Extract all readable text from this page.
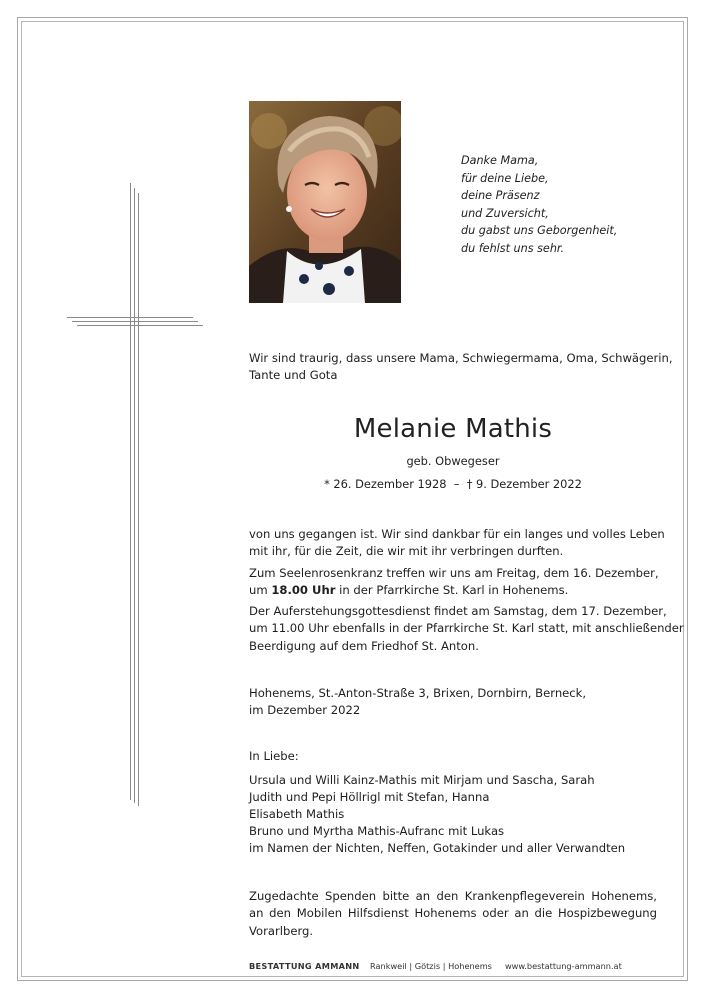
Danke Mama,
für deine Liebe,
deine Präsenz
und Zuversicht,
du gabst uns Geborgenheit,
du fehlst uns sehr.
Wir sind traurig, dass unsere Mama, Schwiegermama, Oma, Schwägerin,
Tante und Gota
Melanie Mathis
geb. Obwegeser
* 26. Dezember 1928  –  † 9. Dezember 2022
von uns gegangen ist. Wir sind dankbar für ein langes und volles Leben
mit ihr, für die Zeit, die wir mit ihr verbringen durften.
Zum Seelenrosenkranz treffen wir uns am Freitag, dem 16. Dezember,
um 18.00 Uhr in der Pfarrkirche St. Karl in Hohenems.
Der Auferstehungsgottesdienst findet am Samstag, dem 17. Dezember,
um 11.00 Uhr ebenfalls in der Pfarrkirche St. Karl statt, mit anschließender
Beerdigung auf dem Friedhof St. Anton.
Hohenems, St.-Anton-Straße 3, Brixen, Dornbirn, Berneck,
im Dezember 2022
In Liebe:
Ursula und Willi Kainz-Mathis mit Mirjam und Sascha, Sarah
Judith und Pepi Höllrigl mit Stefan, Hanna
Elisabeth Mathis
Bruno und Myrtha Mathis-Aufranc mit Lukas
im Namen der Nichten, Neffen, Gotakinder und aller Verwandten
Zugedachte Spenden bitte an den Krankenpflegeverein Hohenems,
an den Mobilen Hilfsdienst Hohenems oder an die Hospizbewegung
Vorarlberg.
BESTATTUNG AMMANN Rankweil | Götzis | Hohenems www.bestattung-ammann.at
